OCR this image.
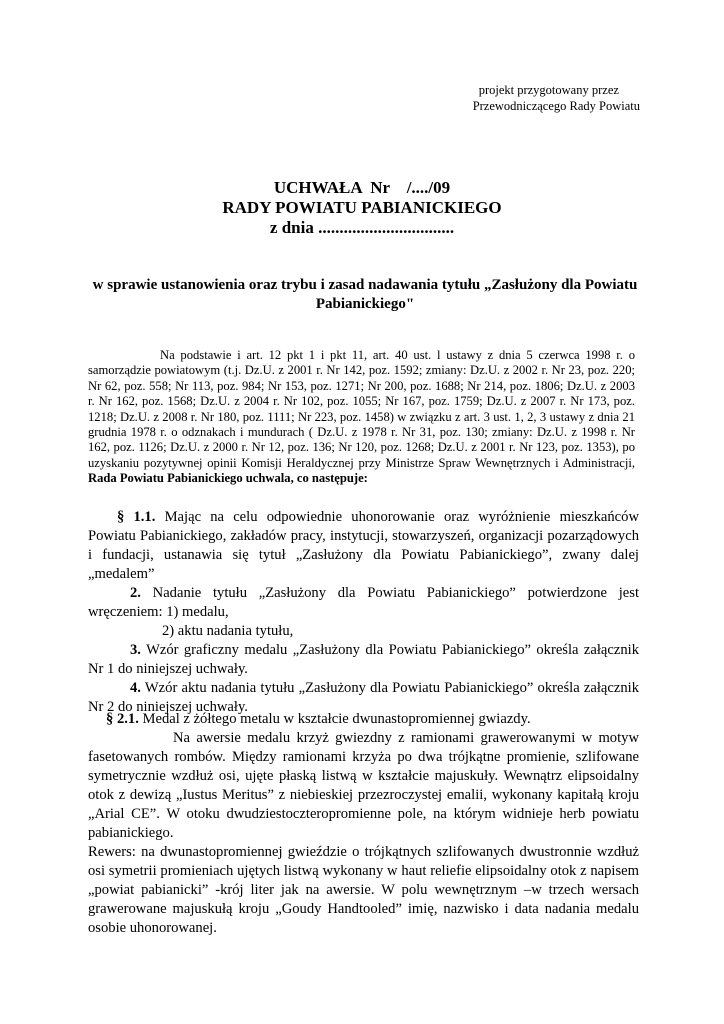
projekt przygotowany przez
Przewodniczącego Rady Powiatu
UCHWAŁA  Nr    /..../09
RADY POWIATU PABIANICKIEGO
z dnia ................................
w sprawie ustanowienia oraz trybu i zasad nadawania tytułu „Zasłużony dla Powiatu Pabianickiego"
Na podstawie i art. 12 pkt 1 i pkt 11, art. 40 ust. l ustawy z dnia 5 czerwca 1998 r. o samorządzie powiatowym (t.j. Dz.U. z 2001 r. Nr 142, poz. 1592; zmiany: Dz.U. z 2002 r. Nr 23, poz. 220; Nr 62, poz. 558; Nr 113, poz. 984; Nr 153, poz. 1271; Nr 200, poz. 1688; Nr 214, poz. 1806; Dz.U. z 2003 r. Nr 162, poz. 1568; Dz.U. z 2004 r. Nr 102, poz. 1055; Nr 167, poz. 1759; Dz.U. z 2007 r. Nr 173, poz. 1218; Dz.U. z 2008 r. Nr 180, poz. 1111; Nr 223, poz. 1458) w związku z art. 3 ust. 1, 2, 3 ustawy z dnia 21 grudnia 1978 r. o odznakach i mundurach ( Dz.U. z 1978 r. Nr 31, poz. 130; zmiany: Dz.U. z 1998 r. Nr 162, poz. 1126; Dz.U. z 2000 r. Nr 12, poz. 136; Nr 120, poz. 1268; Dz.U. z 2001 r. Nr 123, poz. 1353), po uzyskaniu pozytywnej opinii Komisji Heraldycznej przy Ministrze Spraw Wewnętrznych i Administracji, Rada Powiatu Pabianickiego uchwala, co następuje:

§ 1.1. Mając na celu odpowiednie uhonorowanie oraz wyróżnienie mieszkańców Powiatu Pabianickiego, zakładów pracy, instytucji, stowarzyszeń, organizacji pozarządowych i fundacji, ustanawia się tytuł „Zasłużony dla Powiatu Pabianickiego”, zwany dalej „medalem”

2. Nadanie tytułu „Zasłużony dla Powiatu Pabianickiego” potwierdzone jest wręczeniem: 1) medalu,

2) aktu nadania tytułu,

3. Wzór graficzny medalu „Zasłużony dla Powiatu Pabianickiego” określa załącznik Nr 1 do niniejszej uchwały.

4. Wzór aktu nadania tytułu „Zasłużony dla Powiatu Pabianickiego” określa załącznik Nr 2 do niniejszej uchwały.

§ 2.1. Medal z żółtego metalu w kształcie dwunastopromiennej gwiazdy.

Na awersie medalu krzyż gwiezdny z ramionami grawerowanymi w motyw fasetowanych rombów. Między ramionami krzyża po dwa trójkątne promienie, szlifowane symetrycznie wzdłuż osi, ujęte płaską listwą w kształcie majuskuły. Wewnątrz elipsoidalny otok z dewizą „Iustus Meritus” z niebieskiej przezroczystej emalii, wykonany kapitałą kroju „Arial CE”. W otoku dwudziestoczteropromienne pole, na którym widnieje herb powiatu pabianickiego.

Rewers: na dwunastopromiennej gwieździe o trójkątnych szlifowanych dwustronnie wzdłuż osi symetrii promieniach ujętych listwą wykonany w haut reliefie elipsoidalny otok z napisem „powiat pabianicki” -krój liter jak na awersie. W polu wewnętrznym –w trzech wersach grawerowane majuskułą kroju „Goudy Handtooled” imię, nazwisko i data nadania medalu osobie uhonorowanej.
